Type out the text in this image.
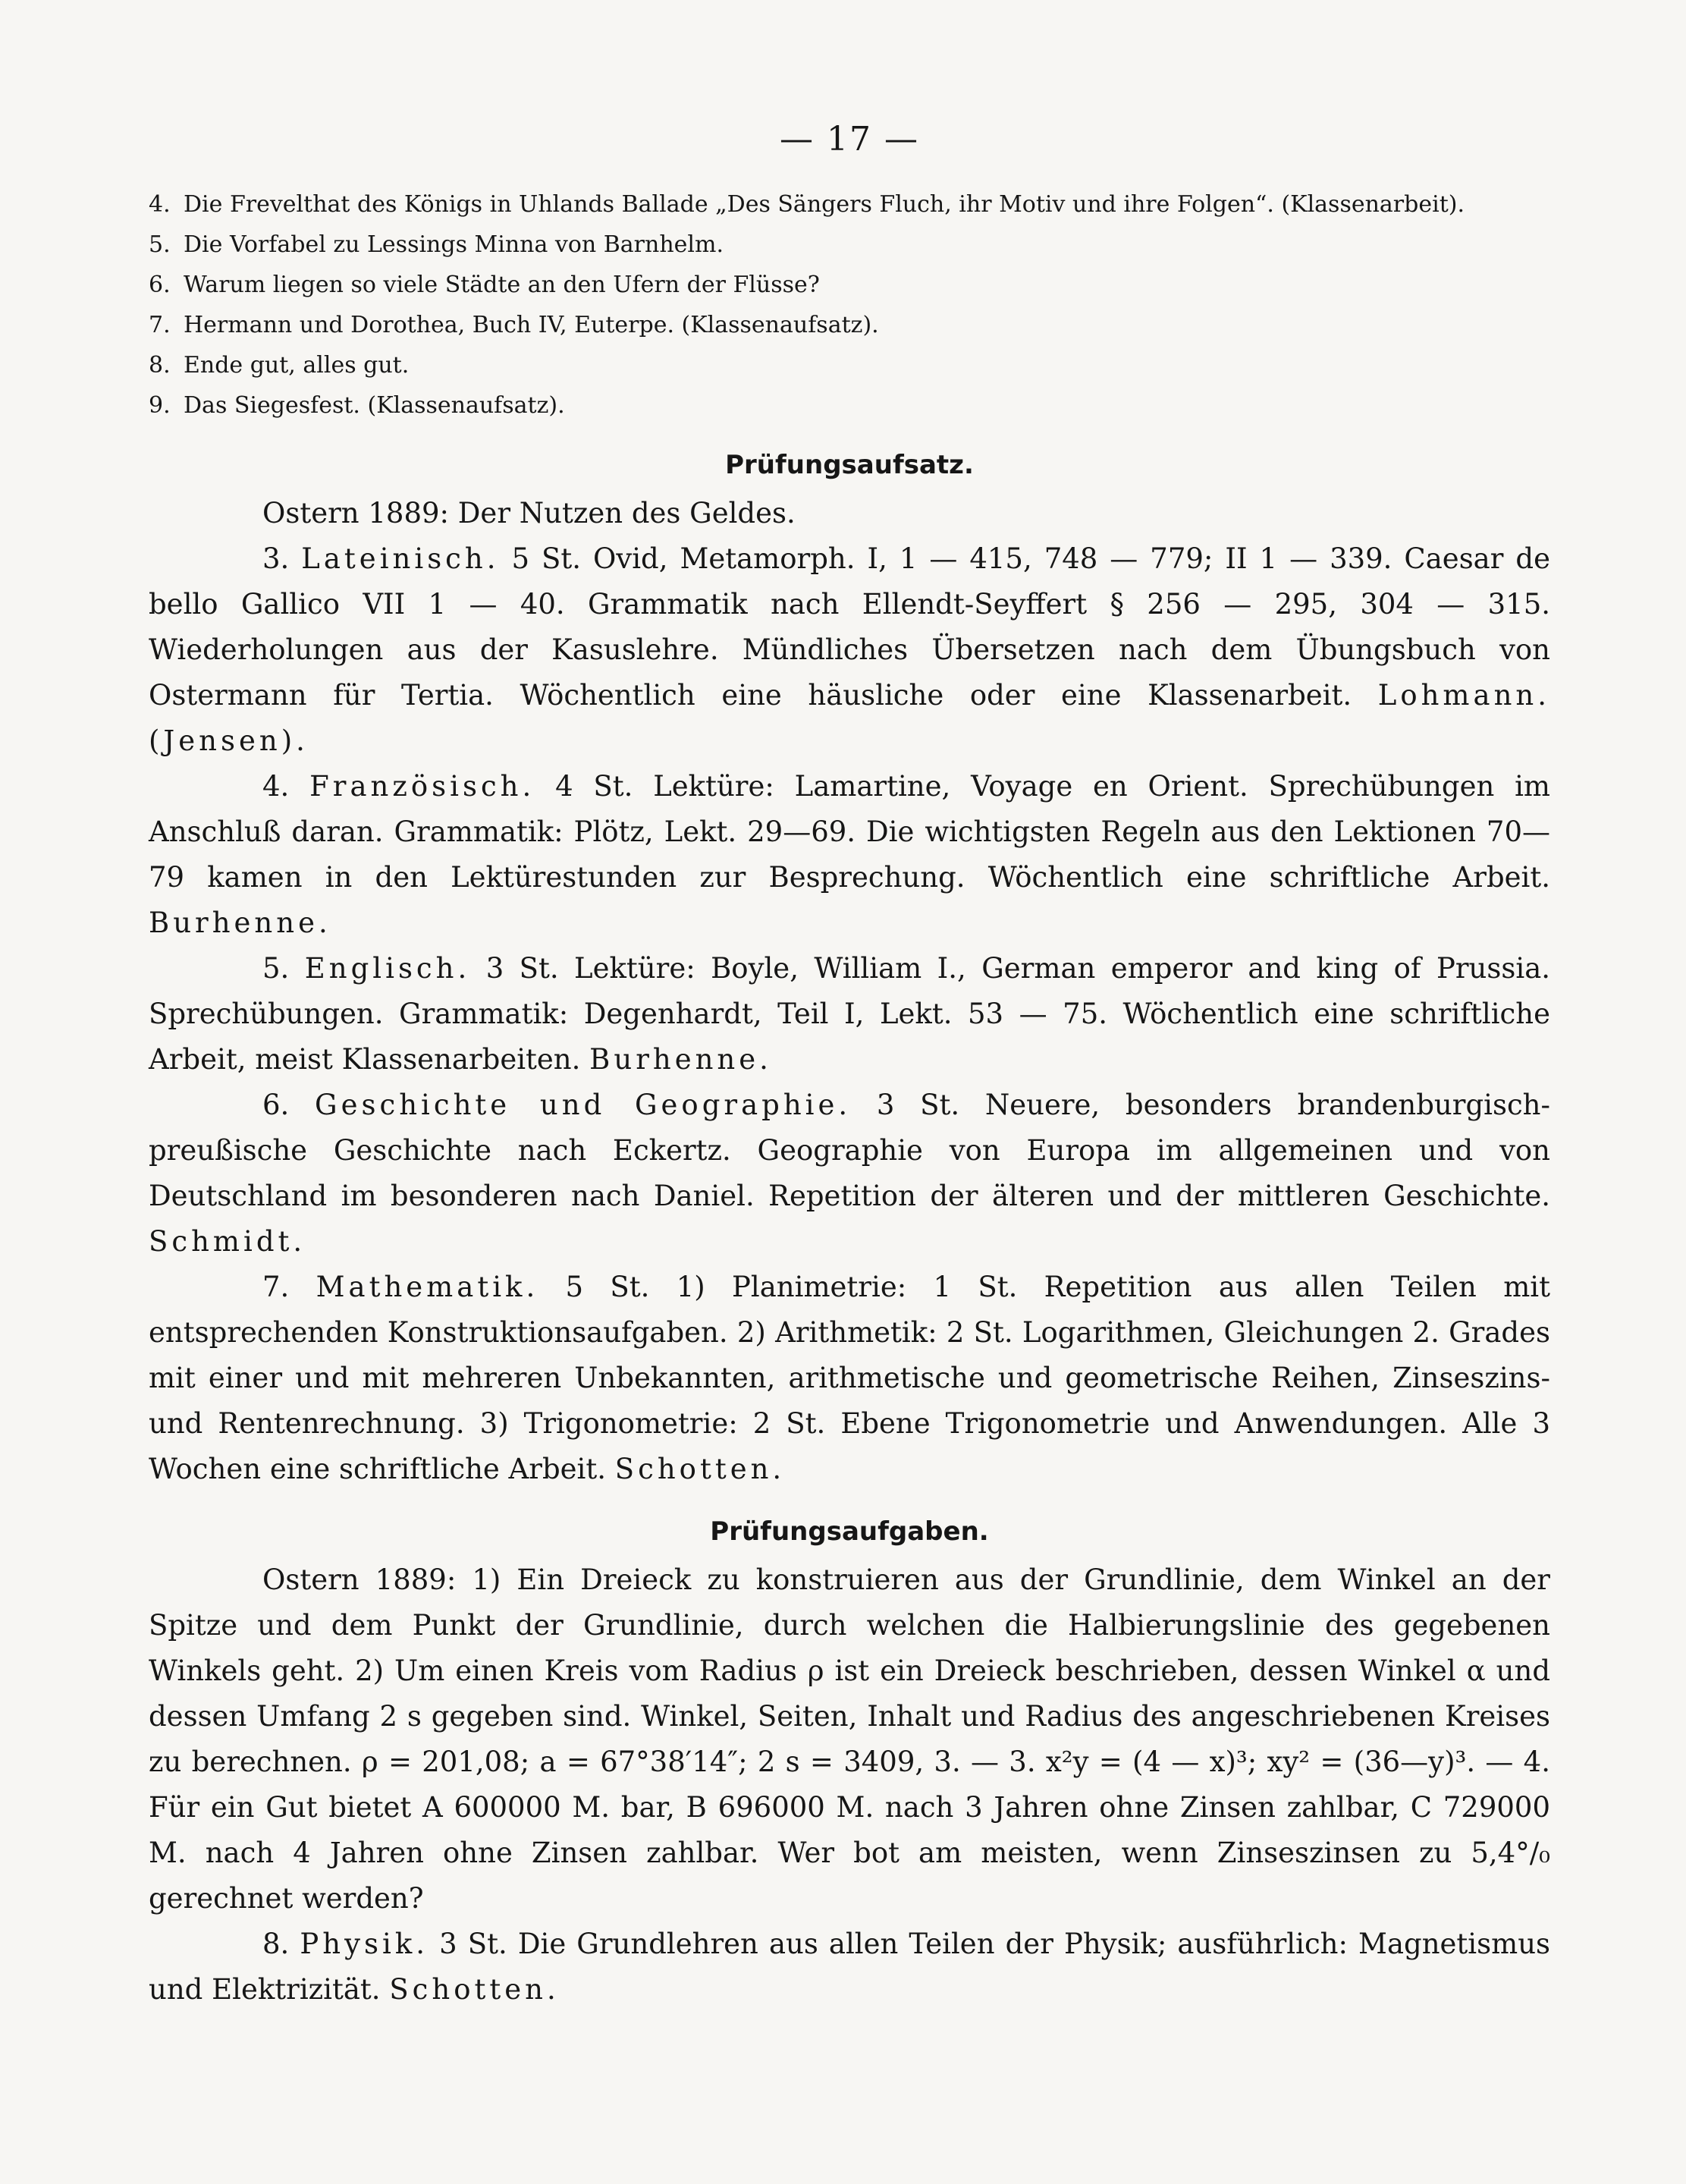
— 17 —
4. Die Frevelthat des Königs in Uhlands Ballade „Des Sängers Fluch, ihr Motiv und ihre Folgen“. (Klassenarbeit).
5. Die Vorfabel zu Lessings Minna von Barnhelm.
6. Warum liegen so viele Städte an den Ufern der Flüsse?
7. Hermann und Dorothea, Buch IV, Euterpe. (Klassenaufsatz).
8. Ende gut, alles gut.
9. Das Siegesfest. (Klassenaufsatz).
Prüfungsaufsatz.

Ostern 1889: Der Nutzen des Geldes.

3. Lateinisch. 5 St. Ovid, Metamorph. I, 1 — 415, 748 — 779; II 1 — 339. Caesar de bello Gallico VII 1 — 40. Grammatik nach Ellendt-Seyffert § 256 — 295, 304 — 315. Wiederholungen aus der Kasuslehre. Mündliches Übersetzen nach dem Übungsbuch von Ostermann für Tertia. Wöchentlich eine häusliche oder eine Klassenarbeit. Lohmann. (Jensen).

4. Französisch. 4 St. Lektüre: Lamartine, Voyage en Orient. Sprechübungen im Anschluß daran. Grammatik: Plötz, Lekt. 29—69. Die wichtigsten Regeln aus den Lektionen 70—79 kamen in den Lektürestunden zur Besprechung. Wöchentlich eine schriftliche Arbeit. Burhenne.

5. Englisch. 3 St. Lektüre: Boyle, William I., German emperor and king of Prussia. Sprechübungen. Grammatik: Degenhardt, Teil I, Lekt. 53 — 75. Wöchentlich eine schriftliche Arbeit, meist Klassenarbeiten. Burhenne.

6. Geschichte und Geographie. 3 St. Neuere, besonders brandenburgisch-preußische Geschichte nach Eckertz. Geographie von Europa im allgemeinen und von Deutschland im besonderen nach Daniel. Repetition der älteren und der mittleren Geschichte. Schmidt.

7. Mathematik. 5 St. 1) Planimetrie: 1 St. Repetition aus allen Teilen mit entsprechenden Konstruktionsaufgaben. 2) Arithmetik: 2 St. Logarithmen, Gleichungen 2. Grades mit einer und mit mehreren Unbekannten, arithmetische und geometrische Reihen, Zinseszins- und Rentenrechnung. 3) Trigonometrie: 2 St. Ebene Trigonometrie und Anwendungen. Alle 3 Wochen eine schriftliche Arbeit. Schotten.

Prüfungsaufgaben.

Ostern 1889: 1) Ein Dreieck zu konstruieren aus der Grundlinie, dem Winkel an der Spitze und dem Punkt der Grundlinie, durch welchen die Halbierungslinie des gegebenen Winkels geht. 2) Um einen Kreis vom Radius ρ ist ein Dreieck beschrieben, dessen Winkel α und dessen Umfang 2 s gegeben sind. Winkel, Seiten, Inhalt und Radius des angeschriebenen Kreises zu berechnen. ρ = 201,08; a = 67°38′14″; 2 s = 3409, 3. — 3. x²y = (4 — x)³; xy² = (36—y)³. — 4. Für ein Gut bietet A 600000 M. bar, B 696000 M. nach 3 Jahren ohne Zinsen zahlbar, C 729000 M. nach 4 Jahren ohne Zinsen zahlbar. Wer bot am meisten, wenn Zinseszinsen zu 5,4°/₀ gerechnet werden?

8. Physik. 3 St. Die Grundlehren aus allen Teilen der Physik; ausführlich: Magnetismus und Elektrizität. Schotten.
